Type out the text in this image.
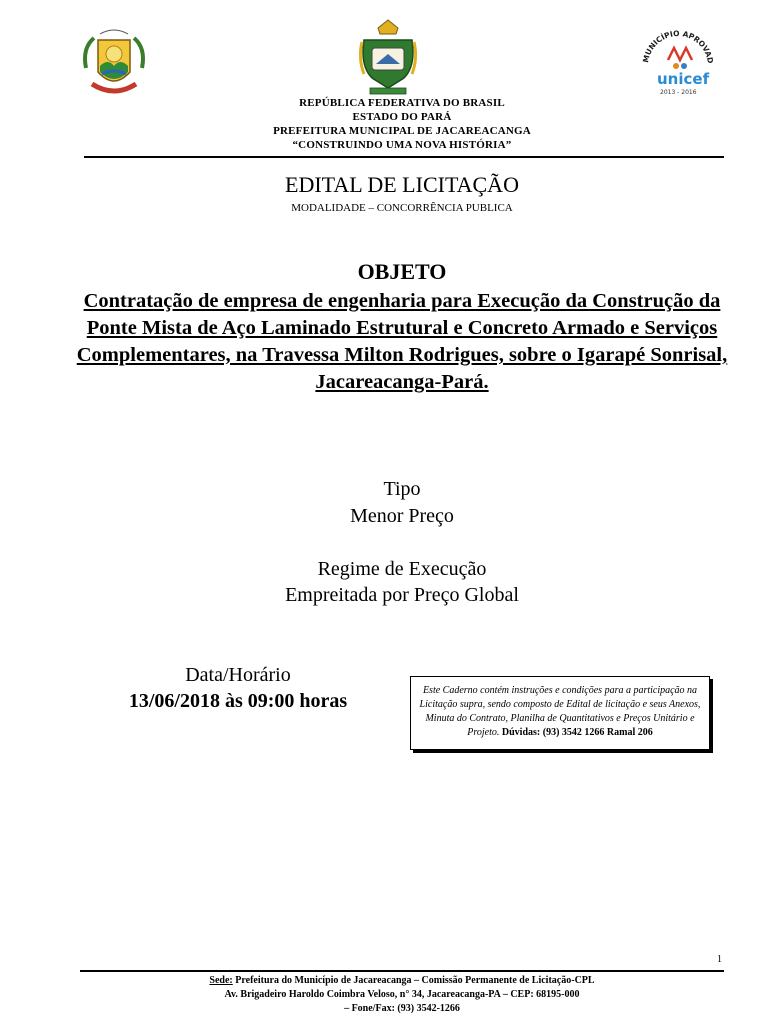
MUNICÍPIO APROVAD
unicef
2013 - 2016
REPÚBLICA FEDERATIVA DO BRASIL
ESTADO DO PARÁ
PREFEITURA MUNICIPAL DE JACAREACANGA
“CONSTRUINDO UMA NOVA HISTÓRIA”
EDITAL DE LICITAÇÃO
MODALIDADE – CONCORRÊNCIA PUBLICA
OBJETO
Contratação de empresa de engenharia para Execução da Construção da Ponte Mista de Aço Laminado Estrutural e Concreto Armado e Serviços Complementares, na Travessa Milton Rodrigues, sobre o Igarapé Sonrisal, Jacareacanga-Pará.
Tipo
Menor Preço
Regime de Execução
Empreitada por Preço Global
Data/Horário
13/06/2018 às 09:00 horas	Este Caderno contém instruções e condições para a participação na Licitação supra, sendo composto de Edital de licitação e seus Anexos, Minuta do Contrato, Planilha de Quantitativos e Preços Unitário e Projeto. Dúvidas: (93) 3542 1266 Ramal 206
1
Sede: Prefeitura do Município de Jacareacanga – Comissão Permanente de Licitação-CPL
Av. Brigadeiro Haroldo Coimbra Veloso, n° 34, Jacareacanga-PA – CEP: 68195-000
– Fone/Fax: (93) 3542-1266
